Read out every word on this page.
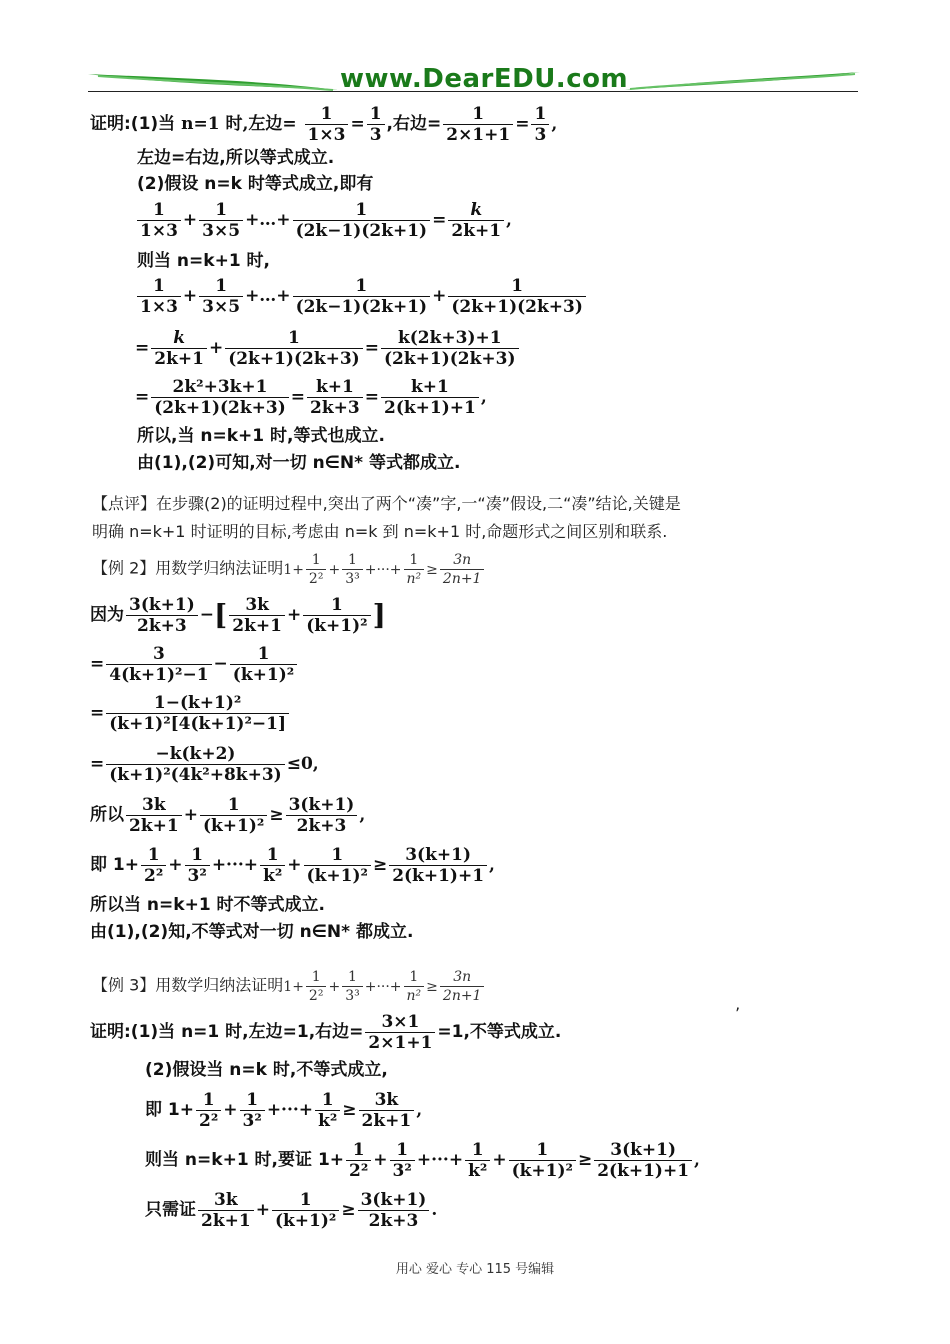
www.DearEDU.com
证明:(1)当 n=1 时,左边= $\frac{1}{1\times 3} = \frac{1}{3}$ ,右边= $\frac{1}{2\times 1+1} = \frac{1}{3}$ ,
左边=右边,所以等式成立.
(2)假设 n=k 时等式成立,即有
$\frac{1}{1\times 3} + \frac{1}{3\times 5}$ +…+ $\frac{1}{(2k-1)(2k+1)} = \frac{k}{2k+1}$ ,
则当 n=k+1 时,
$\frac{1}{1\times 3} + \frac{1}{3\times 5}$ +…+ $\frac{1}{(2k-1)(2k+1)} + \frac{1}{(2k+1)(2k+3)}$
= $\frac{k}{2k+1} + \frac{1}{(2k+1)(2k+3)} = \frac{k(2k+3)+1}{(2k+1)(2k+3)}$
= $\frac{\text{2k²+3k+1}}{(2k+1)(2k+3)} = \frac{k+1}{2k+3} = \frac{k+1}{2(k+1)+1}$ ,
所以,当 n=k+1 时,等式也成立.
由(1),(2)可知,对一切 n∈N* 等式都成立.
【点评】在步骤(2)的证明过程中,突出了两个“凑”字,一“凑”假设,二“凑”结论,关键是
明确 n=k+1 时证明的目标,考虑由 n=k 到 n=k+1 时,命题形式之间区别和联系.
【例 2】用数学归纳法证明$1+ \frac{1}{\text{2²}} + \frac{1}{\text{3³}}$ +···+ $\frac{1}{\text{n²}} \ge \frac{3n}{2n+1}$
因为 $\frac{3(k+1)}{2k+3}$ −[ $\frac{3k}{2k+1} + \frac{1}{\text{(k+1)²}}$ ]
= $\frac{3}{\text{4(k+1)²−1}} - \frac{1}{\text{(k+1)²}}$
= $\frac{\text{1−(k+1)²}}{\text{(k+1)²[4(k+1)²−1]}}$
= $\frac{-k(k+2)}{\text{(k+1)²(4k²+8k+3)}} \le 0$,
所以 $\frac{3k}{2k+1} + \frac{1}{\text{(k+1)²}} \ge \frac{3(k+1)}{2k+3}$ ,
即 $1+ \frac{1}{\text{2²}} + \frac{1}{\text{3²}}$ +···+ $\frac{1}{\text{k²}} + \frac{1}{\text{(k+1)²}} \ge \frac{3(k+1)}{2(k+1)+1}$ ,
所以当 n=k+1 时不等式成立.
由(1),(2)知,不等式对一切 n∈N* 都成立.
【例 3】用数学归纳法证明$1+ \frac{1}{\text{2²}} + \frac{1}{\text{3³}}$ +···+ $\frac{1}{\text{n²}} \ge \frac{3n}{2n+1}$
’
证明:(1)当 n=1 时,左边=1,右边= $\frac{3\times 1}{2\times 1+1} =1$,不等式成立.
(2)假设当 n=k 时,不等式成立,
即 $1+ \frac{1}{\text{2²}} + \frac{1}{\text{3²}}$ +···+ $\frac{1}{\text{k²}} \ge \frac{3k}{2k+1}$ ,
则当 n=k+1 时,要证 $1+ \frac{1}{\text{2²}} + \frac{1}{\text{3²}}$ +···+ $\frac{1}{\text{k²}} + \frac{1}{\text{(k+1)²}} \ge \frac{3(k+1)}{2(k+1)+1}$ ,
只需证 $\frac{3k}{2k+1} + \frac{1}{\text{(k+1)²}} \ge \frac{3(k+1)}{2k+3}$ .
用心 爱心 专心 115 号编辑
